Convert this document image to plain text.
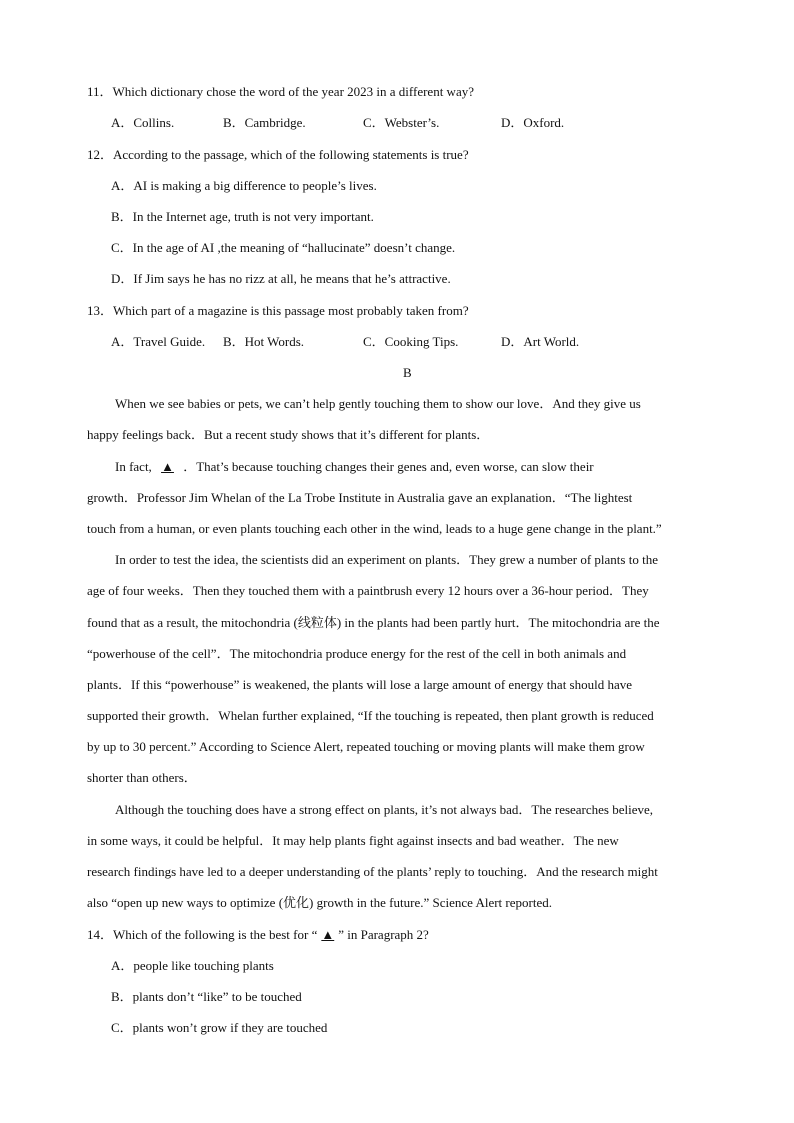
11．Which dictionary chose the word of the year 2023 in a different way?
A．Collins.	B．Cambridge.	C．Webster’s.	D．Oxford.
12．According to the passage, which of the following statements is true?
A．AI is making a big difference to people’s lives.
B．In the Internet age, truth is not very important.
C．In the age of AI ,the meaning of “hallucinate” doesn’t change.
D．If Jim says he has no rizz at all, he means that he’s attractive.
13．Which part of a magazine is this passage most probably taken from?
A．Travel Guide. B．Hot Words.	C．Cooking Tips.	D．Art World.
B
When we see babies or pets, we can’t help gently touching them to show our love．And they give us
happy feelings back．But a recent study shows that it’s different for plants．
In fact, ▲ ．That’s because touching changes their genes and, even worse, can slow their
growth．Professor Jim Whelan of the La Trobe Institute in Australia gave an explanation．“The lightest
touch from a human, or even plants touching each other in the wind, leads to a huge gene change in the plant.”
In order to test the idea, the scientists did an experiment on plants．They grew a number of plants to the
age of four weeks．Then they touched them with a paintbrush every 12 hours over a 36-hour period．They
found that as a result, the mitochondria (线粒体) in the plants had been partly hurt．The mitochondria are the
“powerhouse of the cell”．The mitochondria produce energy for the rest of the cell in both animals and
plants．If this “powerhouse” is weakened, the plants will lose a large amount of energy that should have
supported their growth．Whelan further explained, “If the touching is repeated, then plant growth is reduced
by up to 30 percent.” According to Science Alert, repeated touching or moving plants will make them grow
shorter than others．
Although the touching does have a strong effect on plants, it’s not always bad．The researches believe,
in some ways, it could be helpful．It may help plants fight against insects and bad weather．The new
research findings have led to a deeper understanding of the plants’ reply to touching．And the research might
also “open up new ways to optimize (优化) growth in the future.” Science Alert reported.
14．Which of the following is the best for “ ▲ ” in Paragraph 2?
A．people like touching plants
B．plants don’t “like” to be touched
C．plants won’t grow if they are touched
